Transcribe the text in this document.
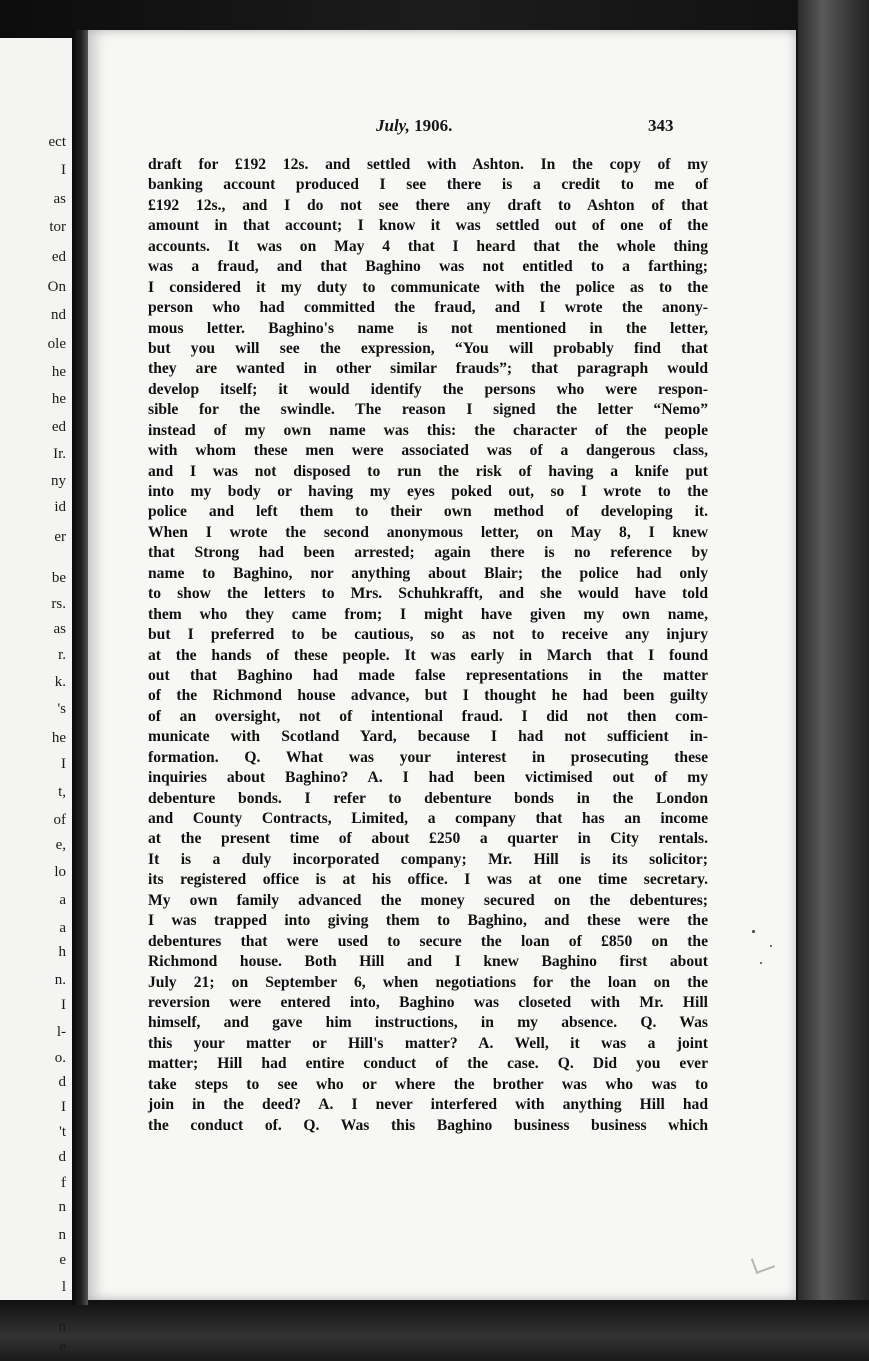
ect
I
as
tor
ed
On
nd
ole
he
he
ed
Ir.
ny
id
er
be
rs.
as
r.
k.
's
he
I
t,
of
e,
lo
a
a
h
n.
I
l-
o.
d
I
't
d
f
n
n
e
l
t
n
e
July, 1906.	343
draft for £192 12s. and settled with Ashton. In the copy of my
banking account produced I see there is a credit to me of
£192 12s., and I do not see there any draft to Ashton of that
amount in that account; I know it was settled out of one of the
accounts. It was on May 4 that I heard that the whole thing
was a fraud, and that Baghino was not entitled to a farthing;
I considered it my duty to communicate with the police as to the
person who had committed the fraud, and I wrote the anony-
mous letter. Baghino's name is not mentioned in the letter,
but you will see the expression, “You will probably find that
they are wanted in other similar frauds”; that paragraph would
develop itself; it would identify the persons who were respon-
sible for the swindle. The reason I signed the letter “Nemo”
instead of my own name was this: the character of the people
with whom these men were associated was of a dangerous class,
and I was not disposed to run the risk of having a knife put
into my body or having my eyes poked out, so I wrote to the
police and left them to their own method of developing it.
When I wrote the second anonymous letter, on May 8, I knew
that Strong had been arrested; again there is no reference by
name to Baghino, nor anything about Blair; the police had only
to show the letters to Mrs. Schuhkrafft, and she would have told
them who they came from; I might have given my own name,
but I preferred to be cautious, so as not to receive any injury
at the hands of these people. It was early in March that I found
out that Baghino had made false representations in the matter
of the Richmond house advance, but I thought he had been guilty
of an oversight, not of intentional fraud. I did not then com-
municate with Scotland Yard, because I had not sufficient in-
formation. Q. What was your interest in prosecuting these
inquiries about Baghino? A. I had been victimised out of my
debenture bonds. I refer to debenture bonds in the London
and County Contracts, Limited, a company that has an income
at the present time of about £250 a quarter in City rentals.
It is a duly incorporated company; Mr. Hill is its solicitor;
its registered office is at his office. I was at one time secretary.
My own family advanced the money secured on the debentures;
I was trapped into giving them to Baghino, and these were the
debentures that were used to secure the loan of £850 on the
Richmond house. Both Hill and I knew Baghino first about
July 21; on September 6, when negotiations for the loan on the
reversion were entered into, Baghino was closeted with Mr. Hill
himself, and gave him instructions, in my absence. Q. Was
this your matter or Hill's matter? A. Well, it was a joint
matter; Hill had entire conduct of the case. Q. Did you ever
take steps to see who or where the brother was who was to
join in the deed? A. I never interfered with anything Hill had
the conduct of. Q. Was this Baghino business business which
